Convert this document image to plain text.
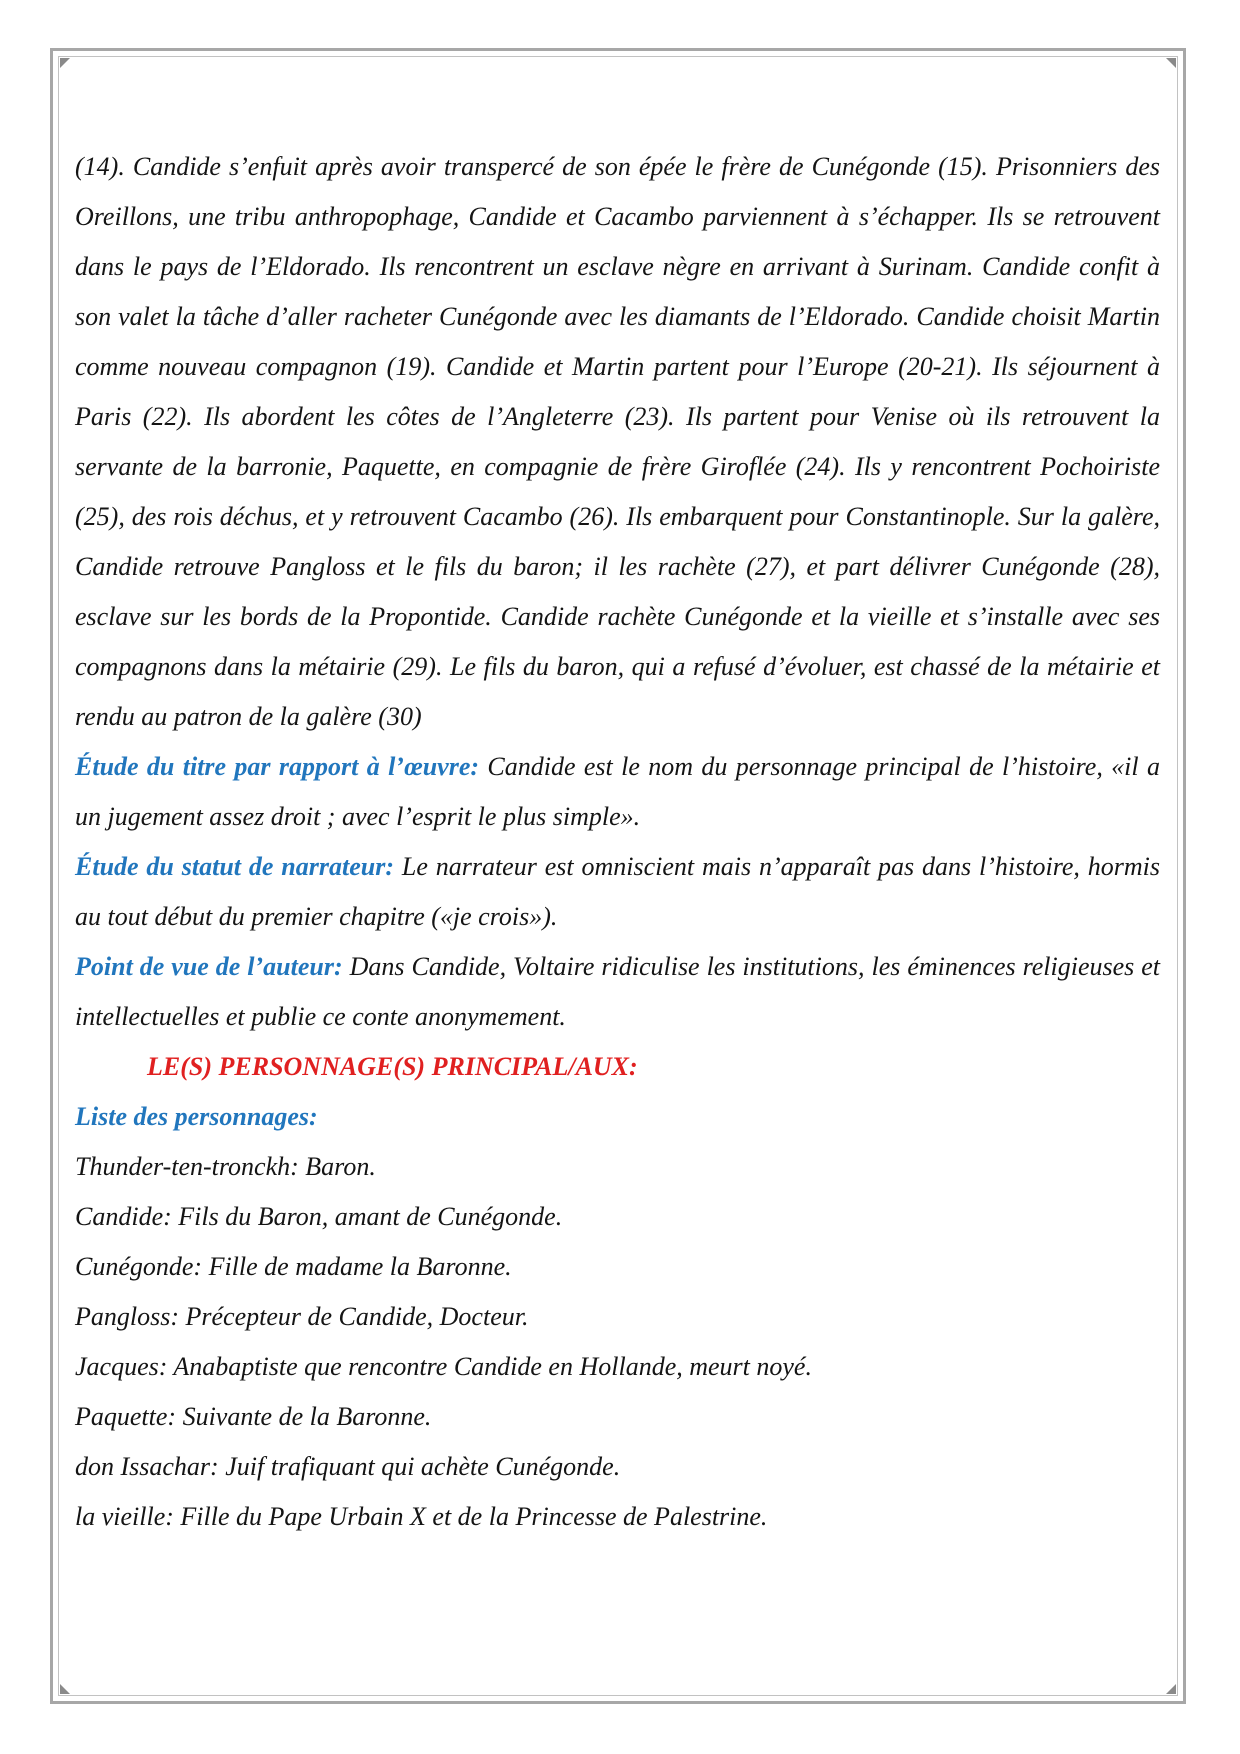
(14). Candide s’enfuit après avoir transpercé de son épée le frère de Cunégonde (15). Prisonniers des Oreillons, une tribu anthropophage, Candide et Cacambo parviennent à s’échapper. Ils se retrouvent dans le pays de l’Eldorado. Ils rencontrent un esclave nègre en arrivant à Surinam. Candide confit à son valet la tâche d’aller racheter Cunégonde avec les diamants de l’Eldorado. Candide choisit Martin comme nouveau compagnon (19). Candide et Martin partent pour l’Europe (20-21). Ils séjournent à Paris (22). Ils abordent les côtes de l’Angleterre (23). Ils partent pour Venise où ils retrouvent la servante de la barronie, Paquette, en compagnie de frère Giroflée (24). Ils y rencontrent Pochoiriste (25), des rois déchus, et y retrouvent Cacambo (26). Ils embarquent pour Constantinople. Sur la galère, Candide retrouve Pangloss et le fils du baron; il les rachète (27), et part délivrer Cunégonde (28), esclave sur les bords de la Propontide. Candide rachète Cunégonde et la vieille et s’installe avec ses compagnons dans la métairie (29). Le fils du baron, qui a refusé d’évoluer, est chassé de la métairie et rendu au patron de la galère (30)

Étude du titre par rapport à l’œuvre: Candide est le nom du personnage principal de l’histoire, «il a un jugement assez droit ; avec l’esprit le plus simple».

Étude du statut de narrateur: Le narrateur est omniscient mais n’apparaît pas dans l’histoire, hormis au tout début du premier chapitre («je crois»).

Point de vue de l’auteur: Dans Candide, Voltaire ridiculise les institutions, les éminences religieuses et intellectuelles et publie ce conte anonymement.

LE(S) PERSONNAGE(S) PRINCIPAL/AUX:

Liste des personnages:

Thunder-ten-tronckh: Baron.
Candide: Fils du Baron, amant de Cunégonde.
Cunégonde: Fille de madame la Baronne.
Pangloss: Précepteur de Candide, Docteur.
Jacques: Anabaptiste que rencontre Candide en Hollande, meurt noyé.
Paquette: Suivante de la Baronne.
don Issachar: Juif trafiquant qui achète Cunégonde.
la vieille: Fille du Pape Urbain X et de la Princesse de Palestrine.
